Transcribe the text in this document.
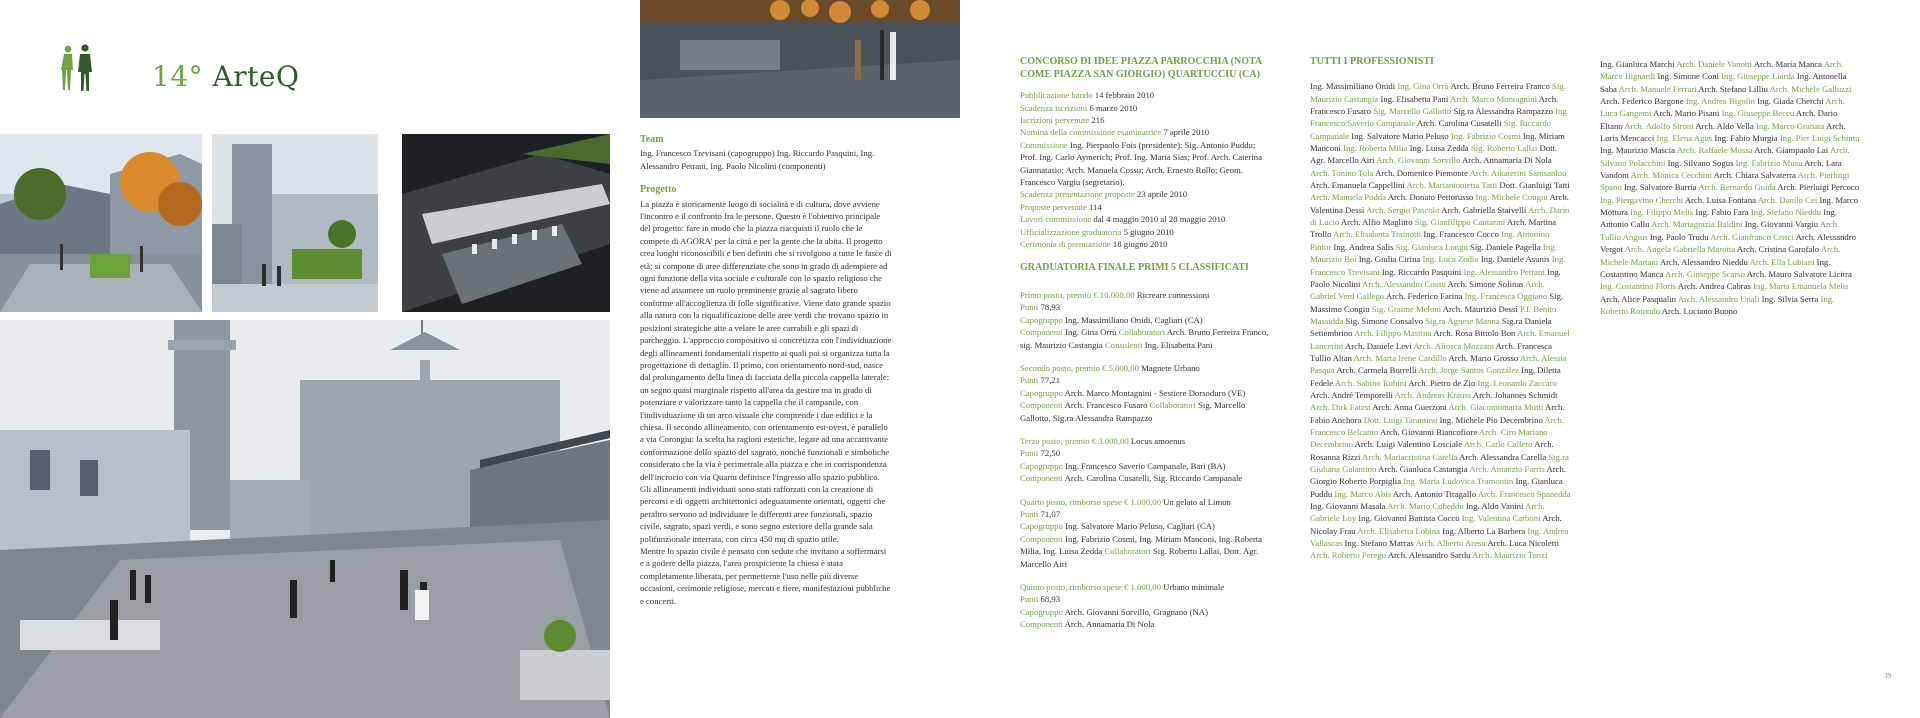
14° ArteQ

Team
Ing. Francesco Trevisani (capogruppo) Ing. Riccardo Pasquini, Ing. Alessandro Petrani, Ing. Paolo Nicolini (componenti)

Progetto
La piazza è storicamente luogo di socialità e di cultura, dove avviene l'incontro e il confronto fra le persone. Questo è l'obiettivo principale del progetto: fare in modo che la piazza riacquisti il ruolo che le compete di AGORA' per la città e per la gente che la abita. Il progetto crea luoghi riconoscibili e ben definiti che si rivolgono a tutte le fasce di età; si compone di aree differenziate che sono in grado di adempiere ad ogni funzione della vita sociale e culturale con lo spazio religioso che viene ad assumere un ruolo preminente grazie al sagrato libero conforme all'accoglienza di folle significative. Viene dato grande spazio alla natura con la riqualificazione delle aree verdi che trovano spazio in posizioni strategiche atte a velare le aree carrabili e gli spazi di parcheggio. L'approccio compositivo si concretizza con l'individuazione degli allineamenti fondamentali rispetto ai quali poi si organizza tutta la progettazione di dettaglio. Il primo, con orientamento nord-sud, nasce dal prolungamento della linea di facciata della piccola cappella laterale: un segno quasi marginale rispetto all'area da gestire ma in grado di potenziare e valorizzare tanto la cappella che il campanile, con l'individuazione di un arco visuale che comprende i due edifici e la chiesa. Il secondo allineamento, con orientamento est-ovest, è parallelo a via Corongiu: la scelta ha ragioni estetiche, legate ad una accattivante conformazione dello spazio del sagrato, nonché funzionali e simboliche considerato che la via è perimetrale alla piazza e che in corrispondenza dell'incrocio con via Quartu definisce l'ingresso allo spazio pubblico. Gli allineamenti individuati sono stati rafforzati con la creazione di percorsi e di oggetti architettonici adeguatamente orientati, oggetti che peraltro servono ad individuare le differenti aree funzionali, spazio civile, sagrato, spazi verdi, e sono segno esteriore della grande sala polifunzionale interrata, con circa 450 mq di spazio utile.
Mentre lo spazio civile è pensato con sedute che invitano a soffermarsi e a godere della piazza, l'area prospiciente la chiesa è stata completamente liberata, per permetterne l'uso nelle più diverse occasioni, cerimonie religiose, mercati e fiere, manifestazioni pubbliche e concerti.

CONCORSO DI IDEE PIAZZA PARROCCHIA (NOTA COME PIAZZA SAN GIORGIO) QUARTUCCIU (CA)
Pubblicazione bando 14 febbraio 2010
Scadenza iscrizioni 6 marzo 2010
Iscrizioni pervenute 216
Nomina della commissione esaminatrice 7 aprile 2010
Commissione Ing. Pierpaolo Fois (presidente): Sig. Antonio Puddu; Prof. Ing. Carlo Aymerich; Prof. Ing. Maria Sias; Prof. Arch. Caterina Giannatasio; Arch. Manuela Cossu; Arch. Ernesto Rollo; Geom. Francesco Vargiu (segretario).
Scadenza presentazione proposte 23 aprile 2010
Proposte pervenute 114
Lavori commissione dal 4 maggio 2010 al 28 maggio 2010
Ufficializzazione graduatoria 5 giugno 2010
Cerimonia di premiazione 18 giugno 2010
GRADUATORIA FINALE PRIMI 5 CLASSIFICATI
Primo posto, premio € 10.000,00 Ricreare connessioni
Punti 78,93
Capogruppo Ing. Massimiliano Onidi, Cagliari (CA)
Componenti Ing. Gina Orrù Collaboratori Arch. Bruno Ferreira Franco, sig. Maurizio Castangia Consulenti Ing. Elisabetta Pani
Secondo posto, premio € 5.000,00 Magnete Urbano
Punti 77,21
Capogruppo Arch. Marco Montagnini - Sestiere Dorsoduro (VE)
Componenti Arch. Francesco Fusaro Collaboratori Sig. Marcello Gallotto, Sig.ra Alessandra Rampazzo
Terzo posto, premio € 3.000,00 Locus amoenus
Punti 72,50
Capogruppo Ing. Francesco Saverio Campanale, Bari (BA)
Componenti Arch. Carolina Cusatelli, Sig. Riccardo Campanale
Quarto posto, rimborso spese € 1.000,00 Un gelato al Limon
Punti 71,07
Capogruppo Ing. Salvatore Mario Peluso, Cagliari (CA)
Componenti Ing. Fabrizio Cosmi, Ing. Miriam Manconi, Ing. Roberta Milia, Ing. Luisa Zedda Collaboratori Sig. Roberto Lallai, Dott. Agr. Marcello Airi
Quinto posto, rimborso spese € 1.000,00 Urbano minimale
Punti 68,93
Capogruppo Arch. Giovanni Sorvillo, Gragnano (NA)
Componenti Arch. Annamaria Di Nola
TUTTI I PROFESSIONISTI
Ing. Massimiliano Onidi Ing. Gina Orrù Arch. Bruno Ferreira Franco Sig. Maurizio Castangia Ing. Elisabetta Pani Arch. Marco Montagnini Arch. Francesco Fusaro Sig. Marcello Gallotto Sig.ra Alessandra Rampazzo Ing. Francesco Saverio Campanale Arch. Carolina Cusatelli Sig. Riccardo Campanale Ing. Salvatore Mario Peluso Ing. Fabrizio Cosmi Ing. Miriam Manconi Ing. Roberta Milia Ing. Luisa Zedda Sig. Roberto Lallai Dott. Agr. Marcello Airi Arch. Giovanni Sorvillo Arch. Annamaria Di Nola Arch. Tonino Tola Arch. Domenico Piemonte Arch. Aikaterini Samsanlou Arch. Emanuela Cappellini Arch. Mariantonietta Tatti Dott. Gianluigi Tatti Arch. Manuela Podda Arch. Donato Pettorusso Ing. Michele Congiu Arch. Valentina Dessì Arch. Sergio Pascolo Arch. Gabriella Staivelli Arch. Dario di Lucio Arch. Alfio Maglitto Sig. Gianfilippo Cantarini Arch. Martina Trollo Arch. Elisabetta Trainotti Ing. Francesco Cocco Ing. Antonino Pintor Ing. Andrea Salis Sig. Gianluca Longu Sig. Daniele Pagella Ing. Maurizio Boi Ing. Giulia Cirina Ing. Luca Zodio Ing. Daniele Asunis Ing. Francesco Trevisani Ing. Riccardo Pasquini Ing. Alessandro Petrani Ing. Paolo Nicolini Arch. Alessandro Cossu Arch. Simone Solinas Arch. Gabriel Verd Gallego Arch. Federico Farina Ing. Francesca Oggiano Sig. Massimo Congiu Sig. Graime Meloni Arch. Maurizio Dessì P.I. Benito Massidda Sig. Simone Consalvo Sig.ra Agnese Manna Sig.ra Daniela Settembrino Arch. Filippo Mastinu Arch. Rosa Bittolo Bon Arch. Emanuel Lancerini Arch. Daniele Levi Arch. Aliosca Mozzato Arch. Francesca Tullio Altan Arch. Marta Irene Cardillo Arch. Mario Grosso Arch. Alessia Pasqua Arch. Carmela Borrelli Arch. Jorge Santos González Ing. Diletta Fedele Arch. Sabino Rubini Arch. Pietro de Zio Ing. Leonardo Zaccaro Arch. André Temporelli Arch. Andreas Krauss Arch. Johannes Schmidt Arch. Dirk Fatzst Arch. Anna Guerzoni Arch. Giacomomaria Mutti Arch. Fabio Anchora Dott. Luigi Tarantino Ing. Michele Pio Decembrino Arch. Francesco Belcanto Arch. Giovanni Biancofiore Arch. Ciro Mariano Decembrino Arch. Luigi Valentino Losciale Arch. Carlo Callero Arch. Rosanna Rizzi Arch. Mariacristina Carella Arch. Alessandra Carella Sig.ra Giuliana Galantino Arch. Gianluca Castangia Arch. Amanzio Farris Arch. Giorgio Roberto Porpiglia Ing. Maria Ludovica Tramontin Ing. Gianluca Puddu Ing. Marco Abis Arch. Antonio Tiragallo Arch. Francesco Spanedda Ing. Giovanni Masala Arch. Mario Cubeddu Ing. Aldo Vanini Arch. Gabriele Loy Ing. Giovanni Battista Cocco Ing. Valentina Carboni Arch. Nicolay Frau Arch. Elisabetta Lobina Ing. Alberto La Barbera Ing. Andrea Vallascas Ing. Stefano Marras Arch. Alberto Aresu Arch. Luca Nicoletti Arch. Roberto Perego Arch. Alessandro Sardu Arch. Maurizio Tonzi
Ing. Gianluca Marchi Arch. Daniele Vanotti Arch. Maria Manca Arch. Marco Bignardi Ing. Simone Coni Ing. Giuseppe Liarda Ing. Antonella Saba Arch. Manuele Ferrari Arch. Stefano Lilliu Arch. Michele Galluzzi Arch. Federico Bargone Ing. Andrea Bigolin Ing. Giada Cherchi Arch. Luca Gangemi Arch. Mario Pisani Ing. Giuseppe Beccu Arch. Dario Eltano Arch. Adolfo Sironi Arch. Aldo Vella Ing. Marco Granata Arch. Loris Mencacci Ing. Elena Agus Ing. Fabio Murgia Ing. Pier Luigi Schintu Ing. Maurizio Mascia Arch. Raffaele Mossa Arch. Giampaolo Lai Arch. Silvano Polacchini Ing. Silvano Sogus Ing. Fabrizio Musu Arch. Lara Vandoni Arch. Monica Cecchini Arch. Chiara Salvaterra Arch. Pierluigi Spano Ing. Salvatore Barria Arch. Bernardo Guida Arch. Pierluigi Percoco Ing. Piergavino Cherchi Arch. Luisa Fontana Arch. Danilo Cei Ing. Marco Mottura Ing. Filippo Melis Ing. Fabio Fara Ing. Stefano Nieddu Ing. Antonio Callu Arch. Mariagrazia Baldini Ing. Giovanni Vargiu Arch. Tullio Angius Ing. Paolo Trudu Arch. Gianfranco Crisci Arch. Alessandro Vergot Arch. Angela Gabriella Marotta Arch. Cristina Garofalo Arch. Michele Martani Arch. Alessandro Nieddu Arch. Ella Lubiani Ing. Costantino Manca Arch. Giuseppe Scarso Arch. Mauro Salvatore Licitra Ing. Costantino Floris Arch. Andrea Cabras Ing. Marta Emanuela Melis Arch. Alice Pasqualin Arch. Alessandro Unali Ing. Silvia Serra Ing. Roberto Rotondo Arch. Luciano Buono
39
